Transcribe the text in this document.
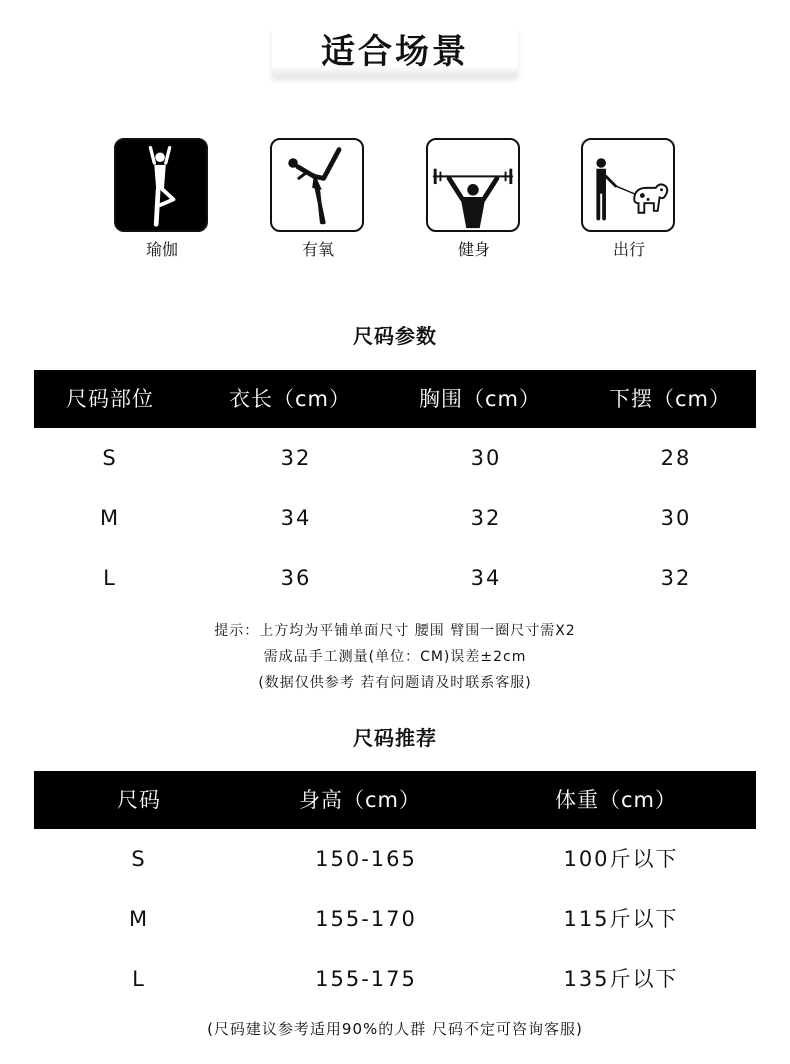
适合场景
瑜伽	有氧	健身	出行
尺码参数
尺码部位	衣长（cm）	胸围（cm）	下摆（cm）
S	32	30	28
M	34	32	30
L	36	34	32
提示：上方均为平铺单面尺寸 腰围 臂围一圈尺寸需X2
需成品手工测量(单位：CM)误差±2cm
(数据仅供参考 若有问题请及时联系客服)
尺码推荐
尺码	身高（cm）	体重（cm）
S	150-165	100斤以下
M	155-170	115斤以下
L	155-175	135斤以下
(尺码建议参考适用90%的人群 尺码不定可咨询客服)
